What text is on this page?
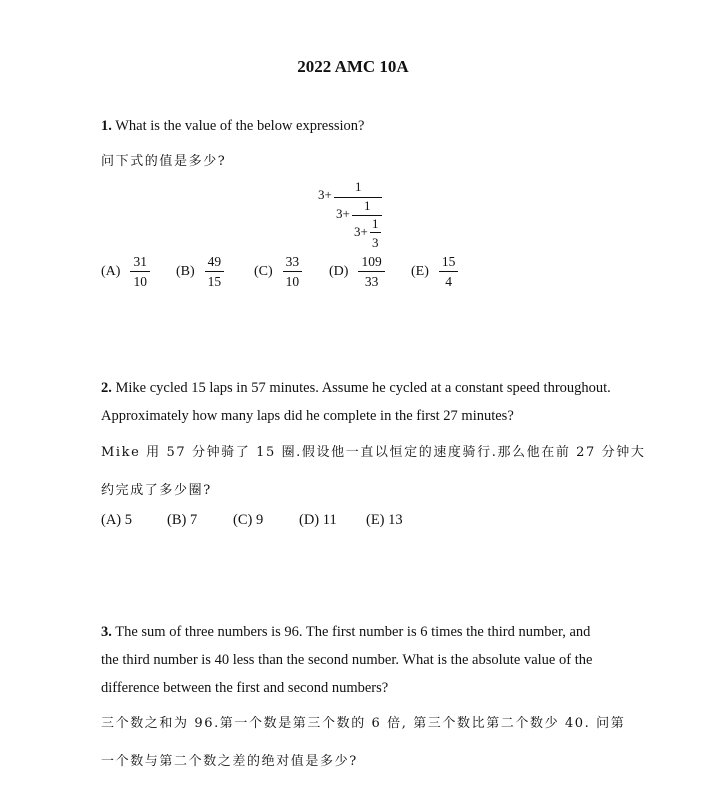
2022 AMC 10A
1. What is the value of the below expression?
问下式的值是多少?
3+
1
3+
1
3+
1
3
$(A) \frac{31}{10} (B) \frac{49}{15} (C) \frac{33}{10} (D) \frac{109}{33} (E) \frac{15}{4}$
2. Mike cycled 15 laps in 57 minutes. Assume he cycled at a constant speed throughout.
Approximately how many laps did he complete in the first 27 minutes?
Mike 用 57 分钟骑了 15 圈.假设他一直以恒定的速度骑行.那么他在前 27 分钟大
约完成了多少圈?
(A) 5 (B) 7 (C) 9 (D) 11 (E) 13
3. The sum of three numbers is 96. The first number is 6 times the third number, and
the third number is 40 less than the second number. What is the absolute value of the
difference between the first and second numbers?
三个数之和为 96.第一个数是第三个数的 6 倍, 第三个数比第二个数少 40. 问第
一个数与第二个数之差的绝对值是多少?
